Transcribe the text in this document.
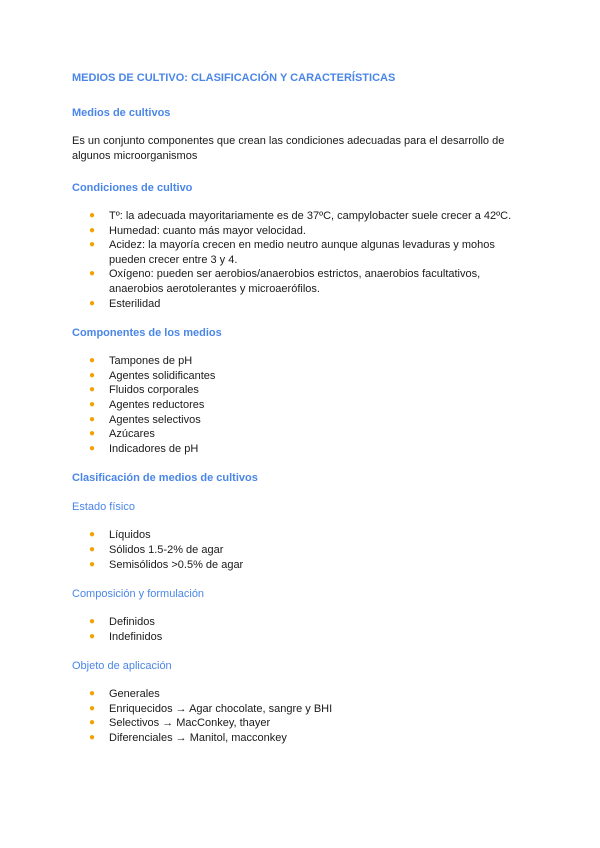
MEDIOS DE CULTIVO: CLASIFICACIÓN Y CARACTERÍSTICAS
Medios de cultivos

Es un conjunto componentes que crean las condiciones adecuadas para el desarrollo de algunos microorganismos

Condiciones de cultivo
● Tº: la adecuada mayoritariamente es de 37ºC, campylobacter suele crecer a 42ºC.
● Humedad: cuanto más mayor velocidad.
● Acidez: la mayoría crecen en medio neutro aunque algunas levaduras y mohos pueden crecer entre 3 y 4.
● Oxígeno: pueden ser aerobios/anaerobios estrictos, anaerobios facultativos, anaerobios aerotolerantes y microaerófilos.
● Esterilidad
Componentes de los medios
● Tampones de pH
● Agentes solidificantes
● Fluidos corporales
● Agentes reductores
● Agentes selectivos
● Azúcares
● Indicadores de pH
Clasificación de medios de cultivos
Estado físico
● Líquidos
● Sólidos 1.5-2% de agar
● Semisólidos >0.5% de agar
Composición y formulación
● Definidos
● Indefinidos
Objeto de aplicación
● Generales
● Enriquecidos → Agar chocolate, sangre y BHI
● Selectivos → MacConkey, thayer
● Diferenciales → Manitol, macconkey
